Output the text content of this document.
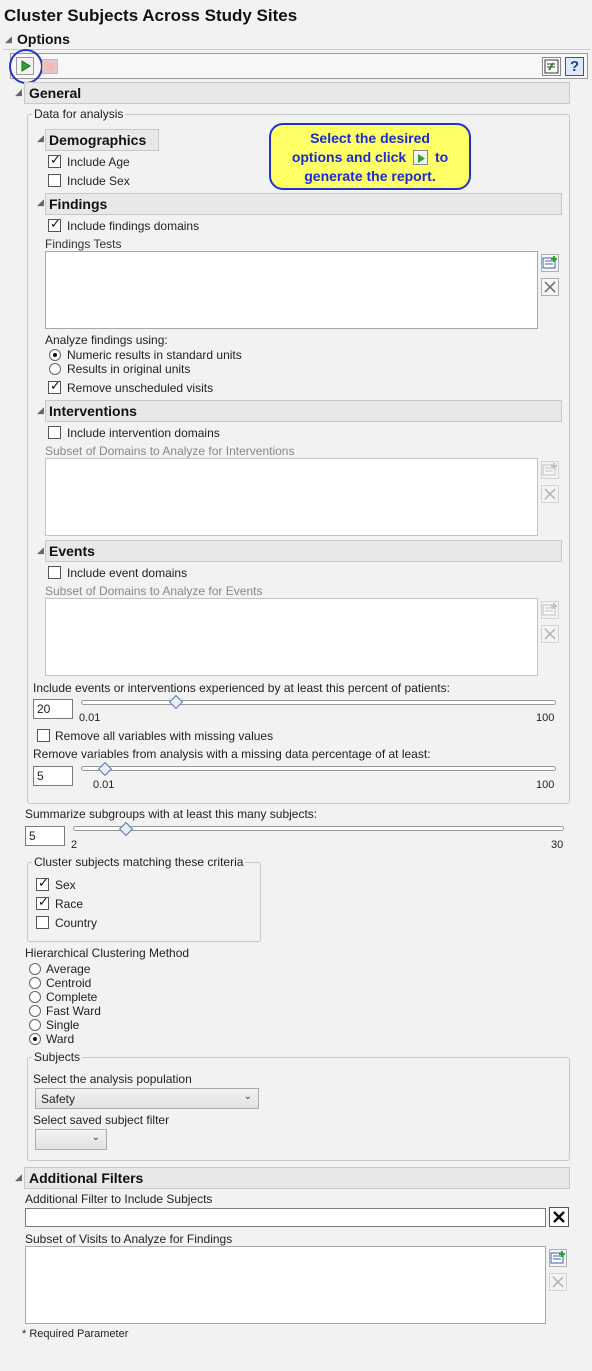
Cluster Subjects Across Study Sites
◢ Options
?
◢ General
Data for analysis
◢ Demographics
✓
Include Age
Include Sex
Select the desired
options and click to
generate the report.
◢ Findings
✓
Include findings domains
Findings Tests
Analyze findings using:
Numeric results in standard units
Results in original units
✓
Remove unscheduled visits
◢ Interventions
Include intervention domains
Subset of Domains to Analyze for Interventions
◢ Events
Include event domains
Subset of Domains to Analyze for Events
Include events or interventions experienced by at least this percent of patients:
20
0.01	100
Remove all variables with missing values
Remove variables from analysis with a missing data percentage of at least:
5
0.01	100
Summarize subgroups with at least this many subjects:
5
2	30
Cluster subjects matching these criteria
✓
Sex
✓
Race
Country
Hierarchical Clustering Method
Average
Centroid
Complete
Fast Ward
Single
Ward
Subjects
Select the analysis population
Safety	⌄
Select saved subject filter
⌄
◢ Additional Filters
Additional Filter to Include Subjects
Subset of Visits to Analyze for Findings
* Required Parameter
